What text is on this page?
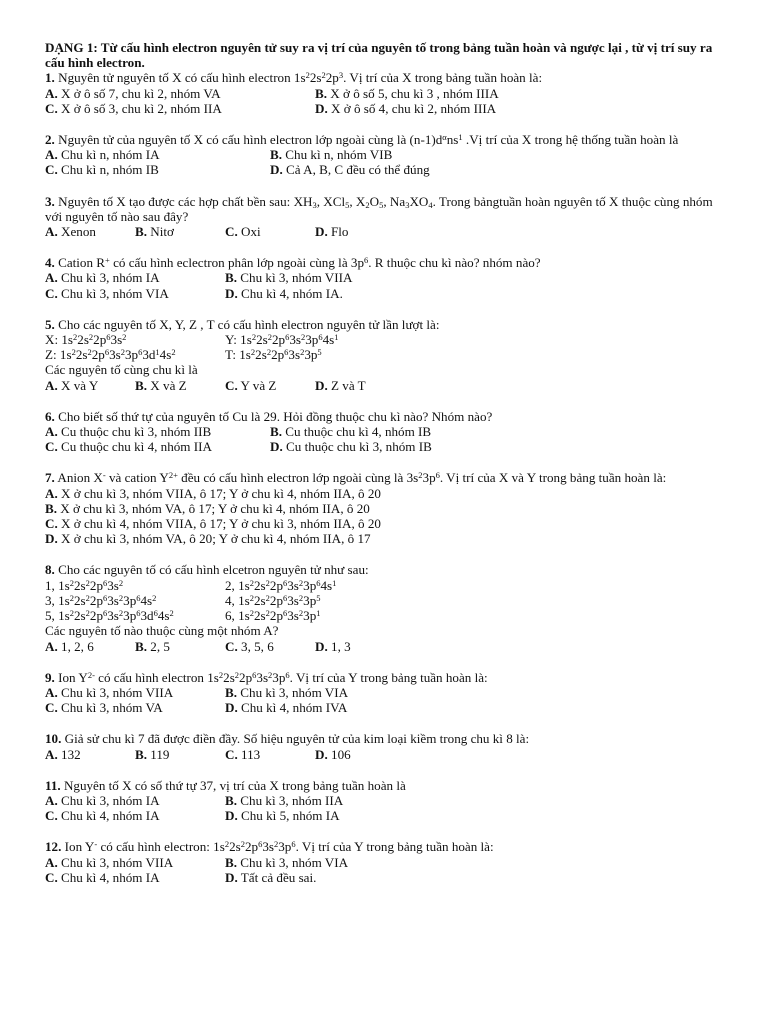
DẠNG 1: Từ cấu hình electron nguyên tử suy ra vị trí của nguyên tố trong bảng tuần hoàn và ngược lại , từ vị trí suy ra cấu hình electron.
1. Nguyên tử nguyên tố X có cấu hình electron $1s^22s^22p^3$. Vị trí của X trong bảng tuần hoàn là:
A. X ở ô số 7, chu kì 2, nhóm VA	B. X ở ô số 5, chu kì 3 , nhóm IIIA
C. X ở ô số 3, chu kì 2, nhóm IIA	D. X ở ô số 4, chu kì 2, nhóm IIIA
2. Nguyên tử của nguyên tố X có cấu hình electron lớp ngoài cùng là $(n-1)d^\alpha ns^1$ .Vị trí của X trong hệ thống tuần hoàn là
A. Chu kì n, nhóm IA	B. Chu kì n, nhóm VIB
C. Chu kì n, nhóm IB	D. Cả A, B, C đều có thể đúng
3. Nguyên tố X tạo được các hợp chất bền sau: $XH_3$, XCl$_5$, $X_2O_5$, $Na_3XO_4$. Trong bảngtuần hoàn nguyên tố X thuộc cùng nhóm với nguyên tố nào sau đây?
A. Xenon	B. Nitơ	C. Oxi	D. Flo
4. Cation R+ có cấu hình eclectron phân lớp ngoài cùng là $3p^6$. R thuộc chu kì nào? nhóm nào?
A. Chu kì 3, nhóm IA	B. Chu kì 3, nhóm VIIA
C. Chu kì 3, nhóm VIA	D. Chu kì 4, nhóm IA.
5. Cho các nguyên tố X, Y, Z , T có cấu hình electron nguyên tử lần lượt là:
X: $1s^22s^22p^63s^2$	Y: $1s^22s^22p^63s^23p^64s^1$
Z: $1s^22s^22p^63s^23p^63d^14s^2$	T: $1s^22s^22p^63s^23p^5$
Các nguyên tố cùng chu kì là
A. X và Y	B. X và Z	C. Y và Z	D. Z và T
6. Cho biết số thứ tự của nguyên tố Cu là 29. Hỏi đồng thuộc chu kì nào? Nhóm nào?
A. Cu thuộc chu kì 3, nhóm IIB	B. Cu thuộc chu kì 4, nhóm IB
C. Cu thuộc chu kì 4, nhóm IIA	D. Cu thuộc chu kì 3, nhóm IB
7. Anion X- và cation $Y^{2+}$ đều có cấu hình electron lớp ngoài cùng là $3s^23p^6$. Vị trí của X và Y trong bảng tuần hoàn là:
A. X ở chu kì 3, nhóm VIIA, ô 17; Y ở chu kì 4, nhóm IIA, ô 20
B. X ở chu kì 3, nhóm VA, ô 17; Y ở chu kì 4, nhóm IIA, ô 20
C. X ở chu kì 4, nhóm VIIA, ô 17; Y ở chu kì 3, nhóm IIA, ô 20
D. X ở chu kì 3, nhóm VA, ô 20; Y ở chu kì 4, nhóm IIA, ô 17
8. Cho các nguyên tố có cấu hình elcetron nguyên tử như sau:
1, $1s^22s^22p^63s^2$	2, $1s^22s^22p^63s^23p^64s^1$
3, $1s^22s^22p^63s^23p^64s^2$	4, $1s^22s^22p^63s^23p^5$
5, $1s^22s^22p^63s^23p^63d^64s^2$	6, $1s^22s^22p^63s^23p^1$
Các nguyên tố nào thuộc cùng một nhóm A?
A. 1, 2, 6	B. 2, 5	C. 3, 5, 6	D. 1, 3
9. Ion $Y^{2-}$ có cấu hình electron $1s^22s^22p^63s^23p^6$. Vị trí của Y trong bảng tuần hoàn là:
A. Chu kì 3, nhóm VIIA	B. Chu kì 3, nhóm VIA
C. Chu kì 3, nhóm VA	D. Chu kì 4, nhóm IVA
10. Giả sử chu kì 7 đã được điền đầy. Số hiệu nguyên tử của kim loại kiềm trong chu kì 8 là:
A. 132	B. 119	C. 113	D. 106
11. Nguyên tố X có số thứ tự 37, vị trí của X trong bảng tuần hoàn là
A. Chu kì 3, nhóm IA	B. Chu kì 3, nhóm IIA
C. Chu kì 4, nhóm IA	D. Chu kì 5, nhóm IA
12. Ion Y- có cấu hình electron: $1s^22s^22p^63s^23p^6$. Vị trí của Y trong bảng tuần hoàn là:
A. Chu kì 3, nhóm VIIA	B. Chu kì 3, nhóm VIA
C. Chu kì 4, nhóm IA	D. Tất cả đều sai.
